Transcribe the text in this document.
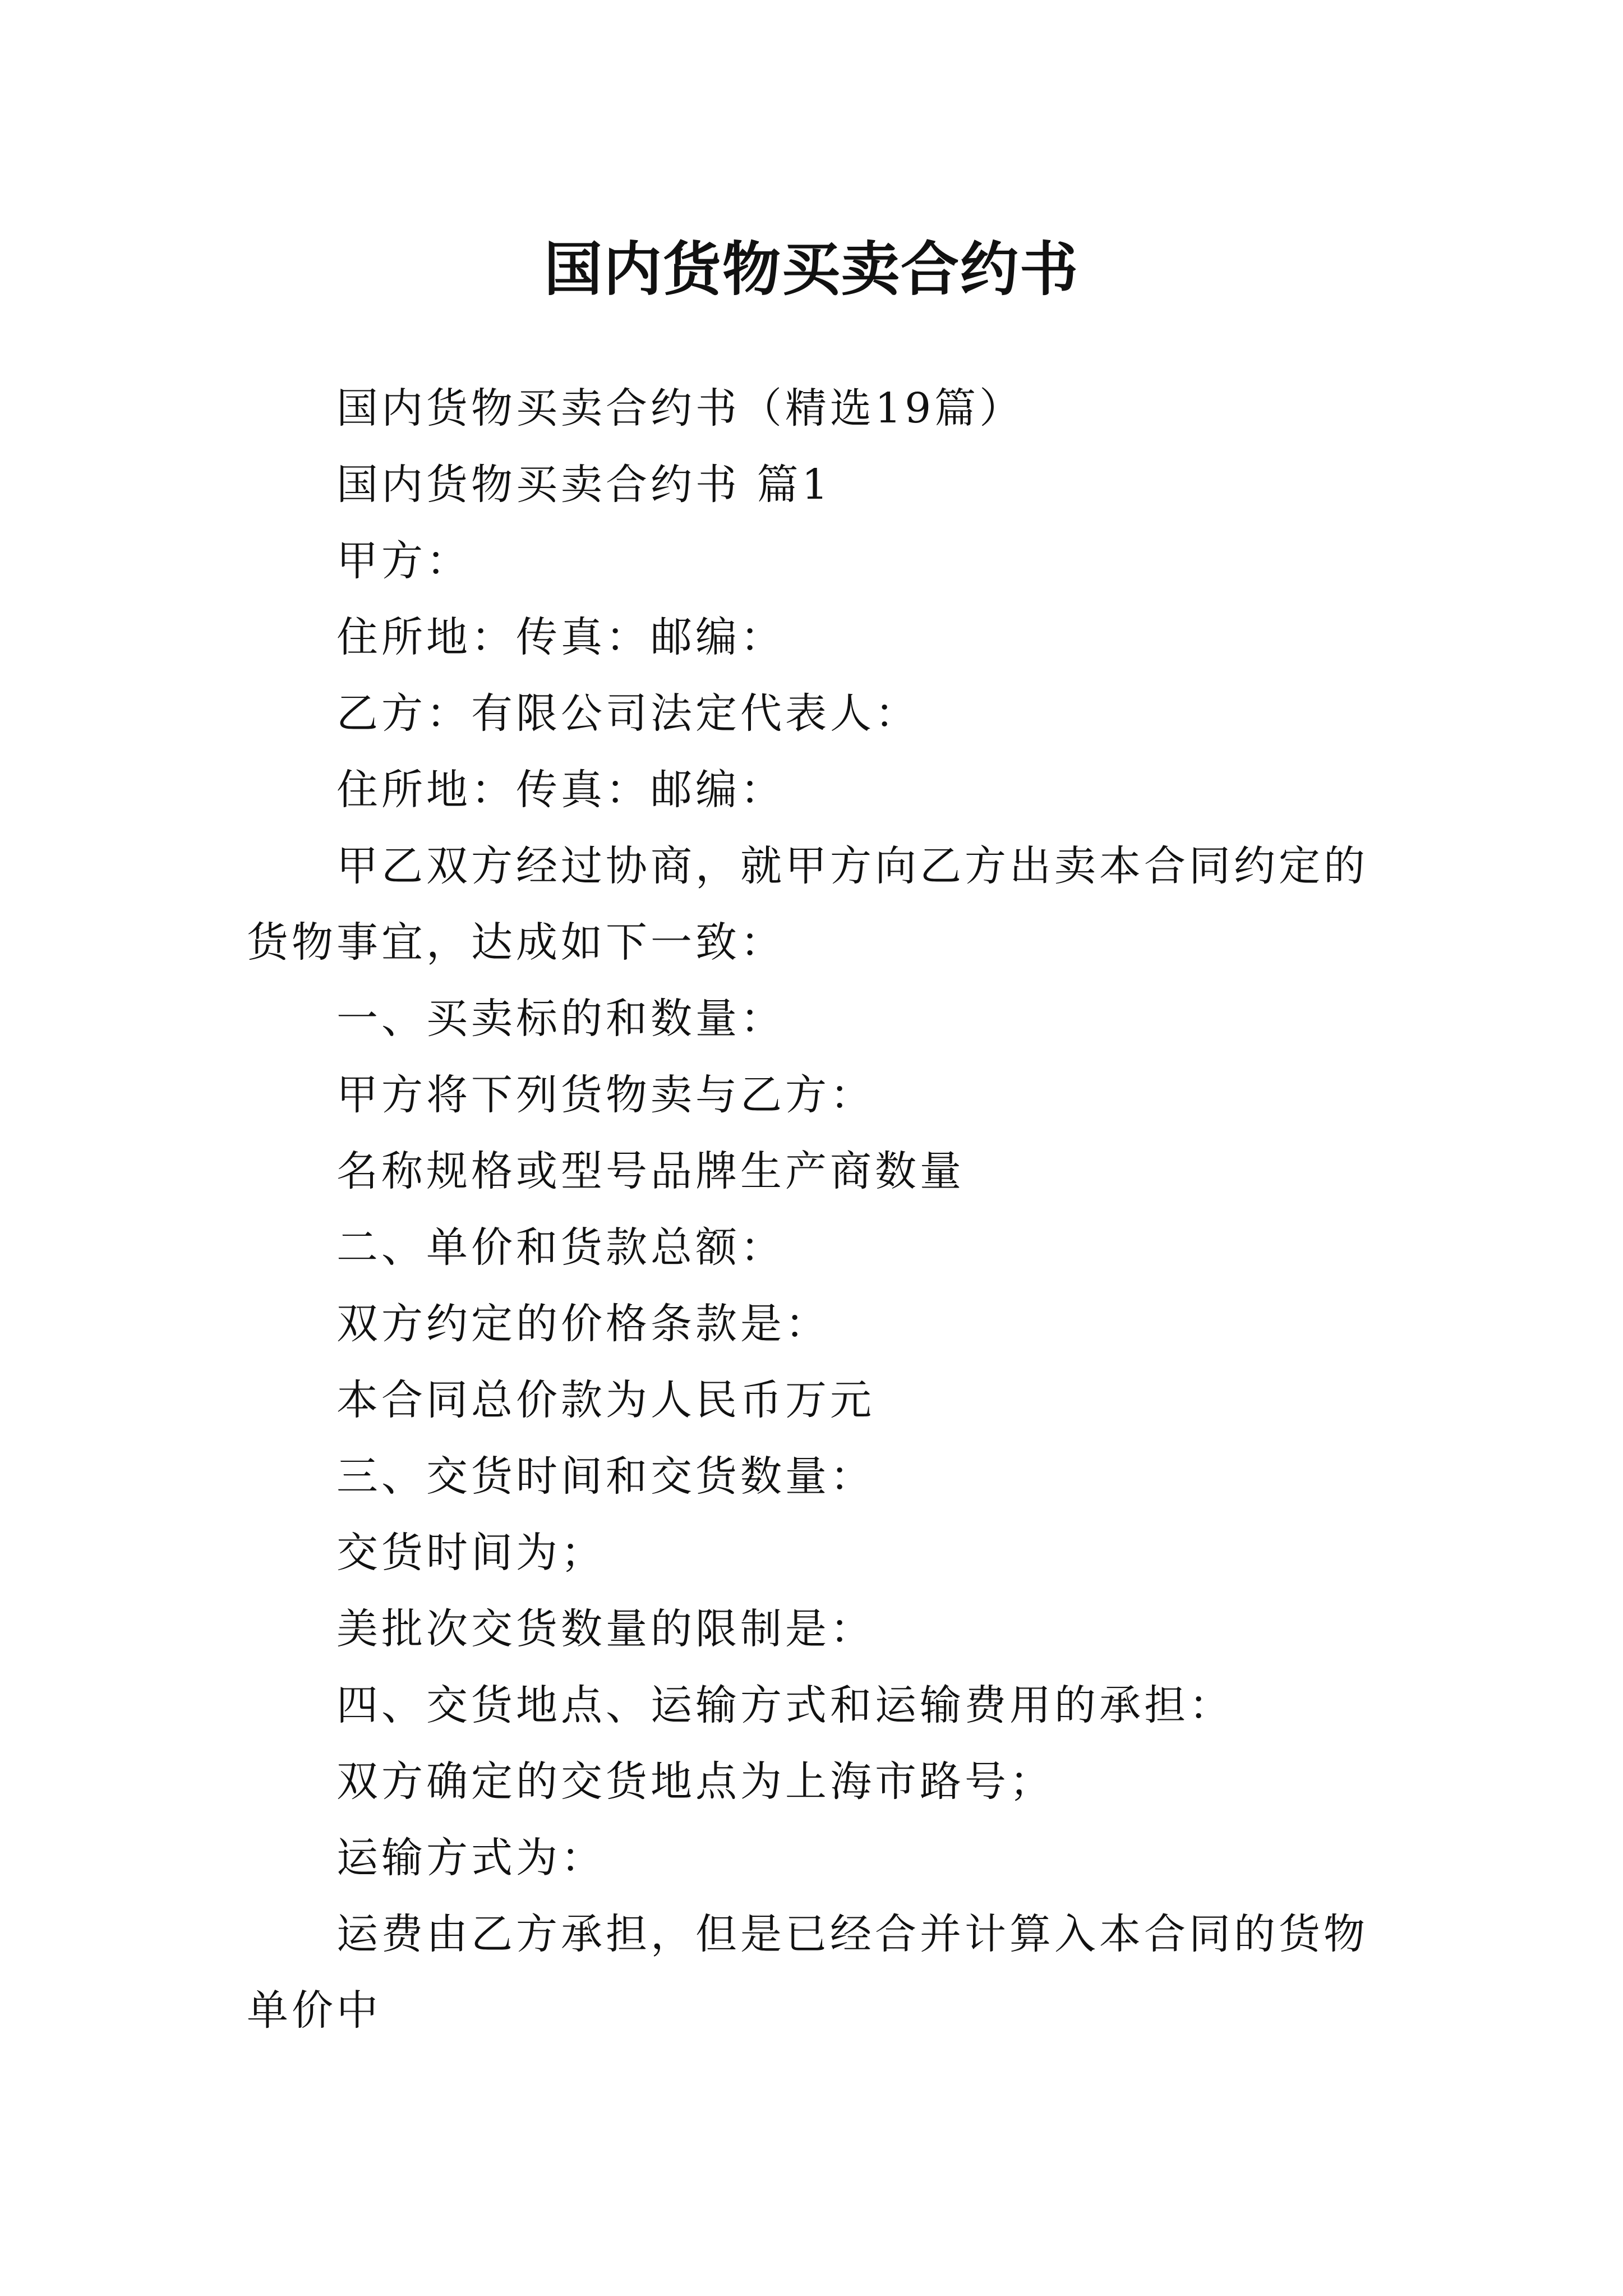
国内货物买卖合约书

国内货物买卖合约书（精选19篇）

国内货物买卖合约书 篇1

甲方：

住所地：传真：邮编：

乙方：有限公司法定代表人：

住所地：传真：邮编：

甲乙双方经过协商，就甲方向乙方出卖本合同约定的货物事宜，达成如下一致：

一、买卖标的和数量：

甲方将下列货物卖与乙方：

名称规格或型号品牌生产商数量

二、单价和货款总额：

双方约定的价格条款是：

本合同总价款为人民币万元

三、交货时间和交货数量：

交货时间为；

美批次交货数量的限制是：

四、交货地点、运输方式和运输费用的承担：

双方确定的交货地点为上海市路号；

运输方式为：

运费由乙方承担，但是已经合并计算入本合同的货物单价中
